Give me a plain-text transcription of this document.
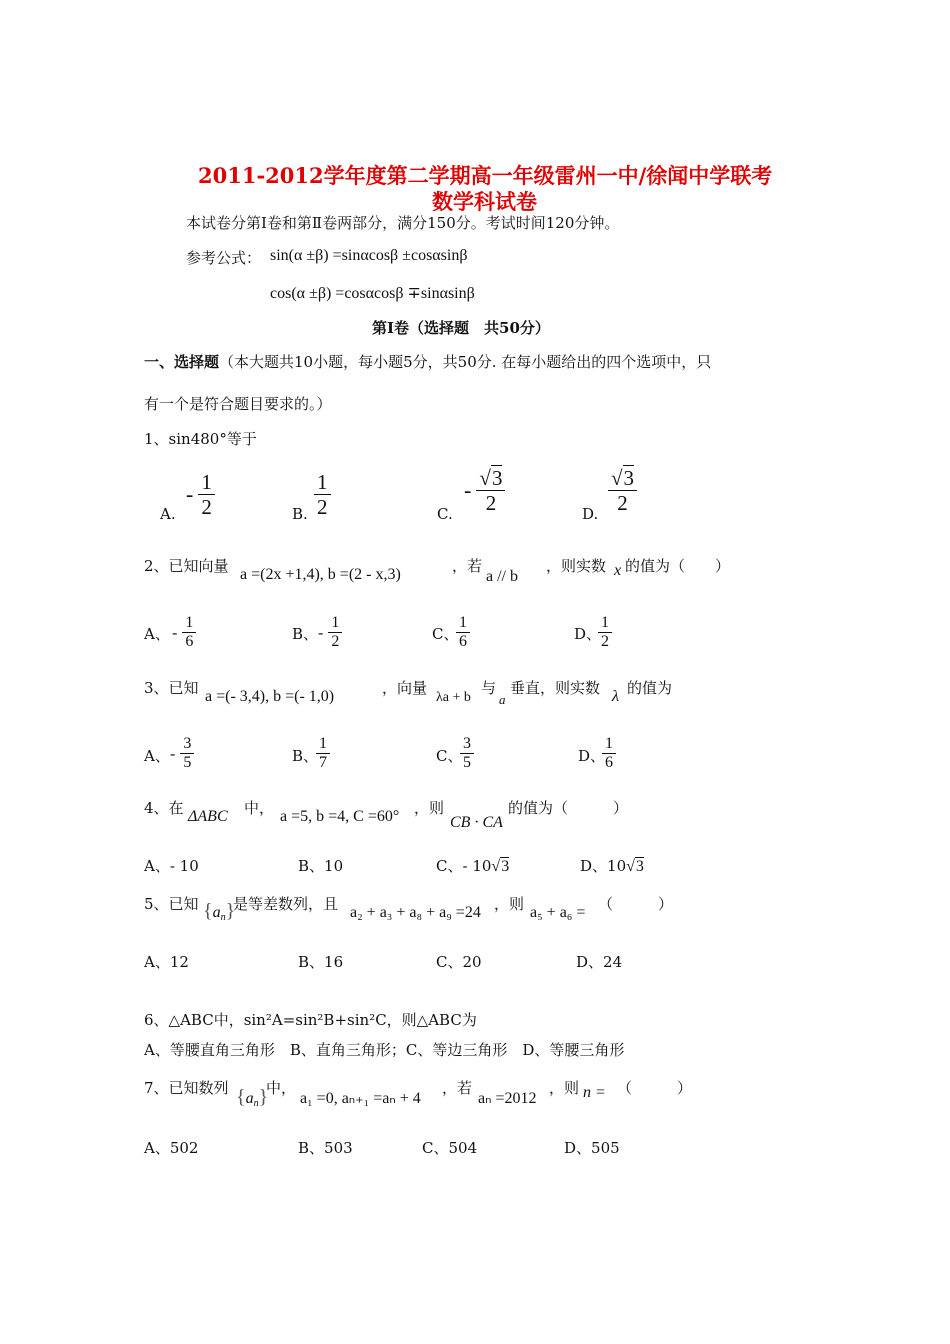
2011-2012学年度第二学期高一年级雷州一中/徐闻中学联考
数学科试卷
本试卷分第Ⅰ卷和第Ⅱ卷两部分，满分150分。考试时间120分钟。
参考公式： sin(α ±β) =sinαcosβ ±cosαsinβ
cos(α ±β) =cosαcosβ ∓sinαsinβ
第Ⅰ卷（选择题　共50分）
一、选择题（本大题共10小题，每小题5分，共50分. 在每小题给出的四个选项中，只
有一个是符合题目要求的。）
1、sin480°等于
A.
- $\frac{1}{2}$	B. $\frac{1}{2}$	C.
- $\frac{√3}{2}$	D. $\frac{√3}{2}$
2、已知向量 a =(2x +1,4), b =(2 - x,3)	，若
a // b
，则实数 x 的值为（　　）
A、 - $\frac{1}{6}$	B、 - $\frac{1}{2}$	C、
$\frac{1}{6}$	D、
$\frac{1}{2}$
3、已知 a =(- 3,4), b =(- 1,0)	，向量
λa + b
与
a
垂直，则实数 λ 的值为
A、 - $\frac{3}{5}$	B、
$\frac{1}{7}$	C、
$\frac{3}{5}$	D、
$\frac{1}{6}$
4、在 ΔABC 中， a =5, b =4, C =60° ，则
CB · CA
的值为（　　　）
A、- 10	B、10	C、- 10√3	D、10√3
5、已知 $\{a_n\}$
是等差数列，且 a₂ + a₃ + a₈ + a₉ =24 ，则 a₅ + a₆ = （　　　）
A、12	B、16	C、20	D、24
6、△ABC中，sin²A=sin²B+sin²C，则△ABC为
A、等腰直角三角形　B、直角三角形；C、等边三角形　D、等腰三角形
7、已知数列 $\{a_n\}$
中，
a₁ =0, aₙ₊₁ =aₙ + 4
，若
aₙ =2012
，则 n = （　　　）
A、502	B、503	C、504	D、505
